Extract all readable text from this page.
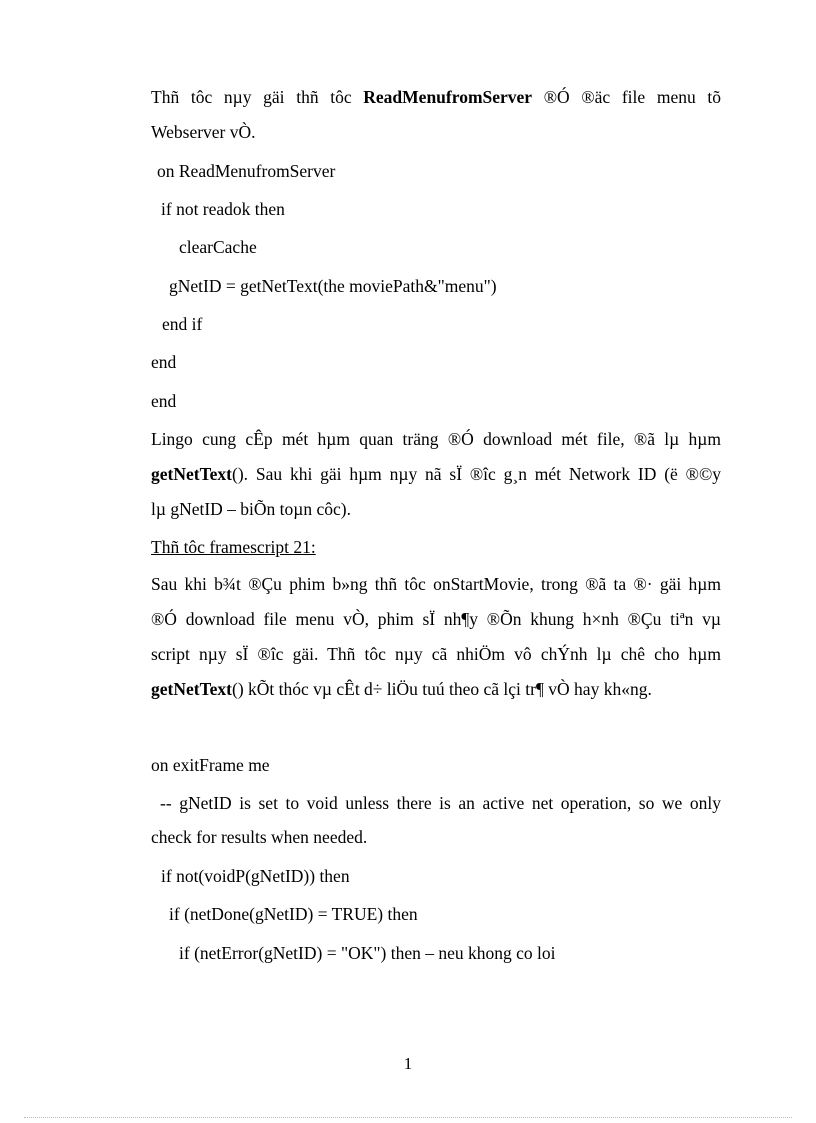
Thñ tôc nµy gäi thñ tôc ReadMenufromServer ®Ó ®äc file menu tõ
Webserver vÒ.
on ReadMenufromServer
if not readok then
clearCache
gNetID = getNetText(the moviePath&"menu")
end if
end
end
Lingo cung cÊp mét hµm quan träng ®Ó download mét file, ®ã lµ hµm
getNetText(). Sau khi gäi hµm nµy nã sÏ ®îc g¸n mét Network ID (ë ®©y
lµ gNetID – biÕn toµn côc).
Thñ tôc framescript 21:
Sau khi b¾t ®Çu phim b»ng thñ tôc onStartMovie, trong ®ã ta ®· gäi hµm
®Ó download file menu vÒ, phim sÏ nh¶y ®Õn khung h×nh ®Çu tiªn vµ
script nµy sÏ ®îc gäi. Thñ tôc nµy cã nhiÖm vô chÝnh lµ chê cho hµm
getNetText() kÕt thóc vµ cÊt d÷ liÖu tuú theo cã lçi tr¶ vÒ hay kh«ng.
on exitFrame me
-- gNetID is set to void unless there is an active net operation, so we only
check for results when needed.
if not(voidP(gNetID)) then
if (netDone(gNetID) = TRUE) then
if (netError(gNetID) = "OK") then – neu khong co loi
1
